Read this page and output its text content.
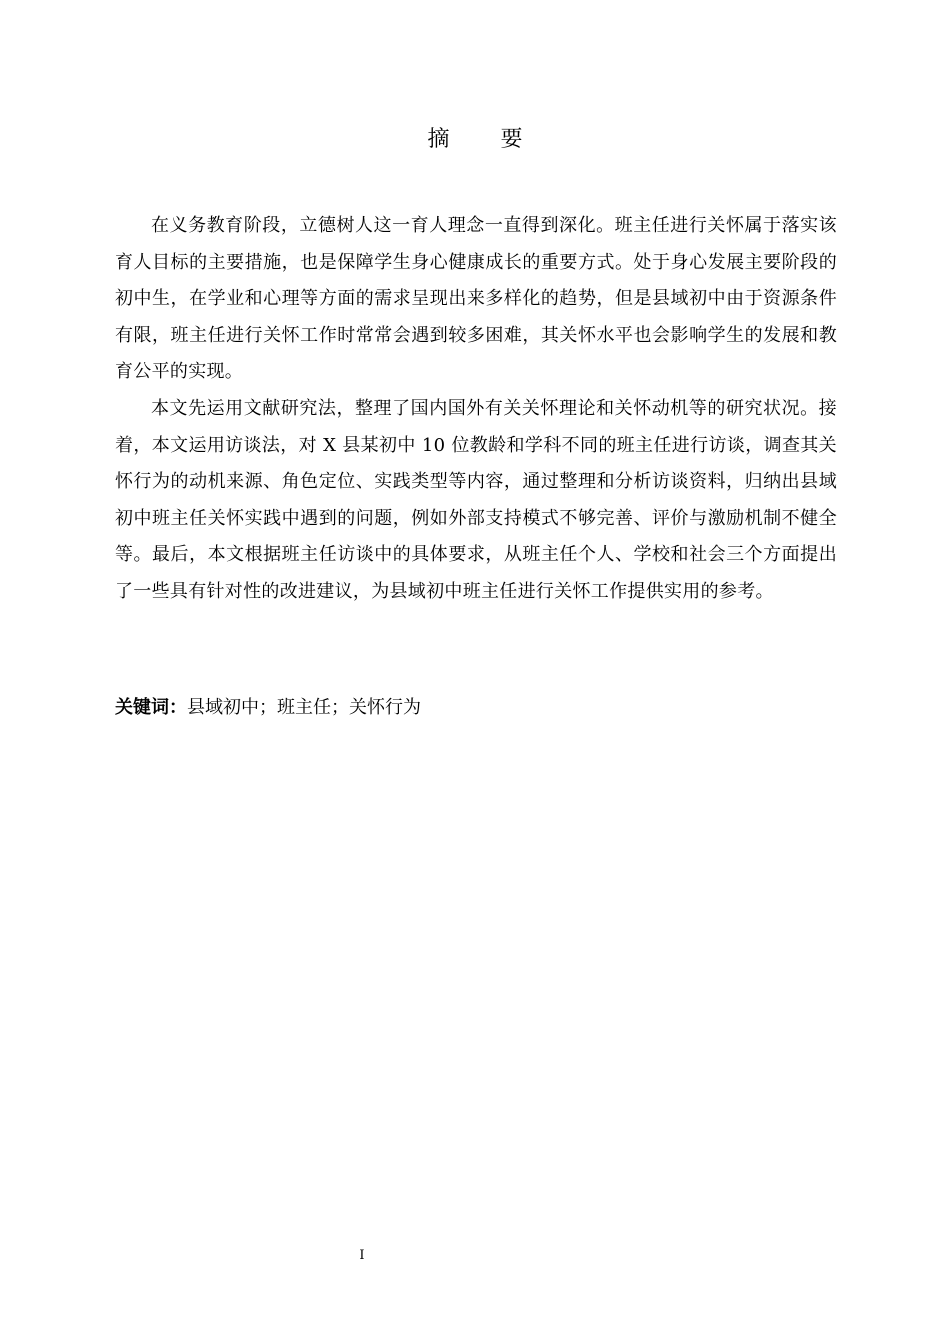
摘 要

在义务教育阶段，立德树人这一育人理念一直得到深化。班主任进行关怀属于落实该育人目标的主要措施，也是保障学生身心健康成长的重要方式。处于身心发展主要阶段的初中生，在学业和心理等方面的需求呈现出来多样化的趋势，但是县域初中由于资源条件有限，班主任进行关怀工作时常常会遇到较多困难，其关怀水平也会影响学生的发展和教育公平的实现。

本文先运用文献研究法，整理了国内国外有关关怀理论和关怀动机等的研究状况。接着，本文运用访谈法，对 X 县某初中 10 位教龄和学科不同的班主任进行访谈，调查其关怀行为的动机来源、角色定位、实践类型等内容，通过整理和分析访谈资料，归纳出县域初中班主任关怀实践中遇到的问题，例如外部支持模式不够完善、评价与激励机制不健全等。最后，本文根据班主任访谈中的具体要求，从班主任个人、学校和社会三个方面提出了一些具有针对性的改进建议，为县域初中班主任进行关怀工作提供实用的参考。

关键词：县域初中；班主任；关怀行为
I
